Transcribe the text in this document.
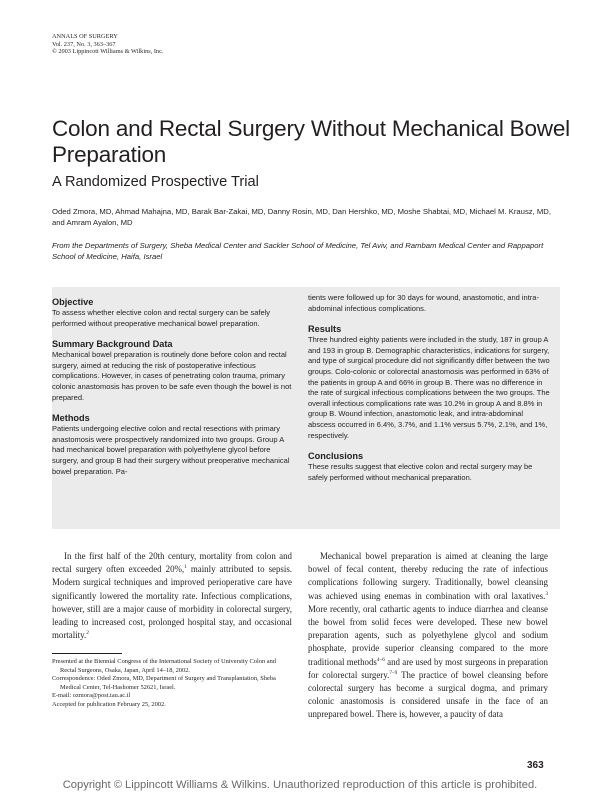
ANNALS OF SURGERY
Vol. 237, No. 3, 363–367
© 2003 Lippincott Williams & Wilkins, Inc.
Colon and Rectal Surgery Without Mechanical Bowel Preparation
A Randomized Prospective Trial
Oded Zmora, MD, Ahmad Mahajna, MD, Barak Bar-Zakai, MD, Danny Rosin, MD, Dan Hershko, MD, Moshe Shabtai, MD, Michael M. Krausz, MD, and Amram Ayalon, MD
From the Departments of Surgery, Sheba Medical Center and Sackler School of Medicine, Tel Aviv, and Rambam Medical Center and Rappaport School of Medicine, Haifa, Israel
Objective

To assess whether elective colon and rectal surgery can be safely performed without preoperative mechanical bowel preparation.

Summary Background Data

Mechanical bowel preparation is routinely done before colon and rectal surgery, aimed at reducing the risk of postoperative infectious complications. However, in cases of penetrating colon trauma, primary colonic anastomosis has proven to be safe even though the bowel is not prepared.

Methods

Patients undergoing elective colon and rectal resections with primary anastomosis were prospectively randomized into two groups. Group A had mechanical bowel preparation with polyethylene glycol before surgery, and group B had their surgery without preoperative mechanical bowel preparation. Pa-

tients were followed up for 30 days for wound, anastomotic, and intra-abdominal infectious complications.

Results

Three hundred eighty patients were included in the study, 187 in group A and 193 in group B. Demographic characteristics, indications for surgery, and type of surgical procedure did not significantly differ between the two groups. Colo-colonic or colorectal anastomosis was performed in 63% of the patients in group A and 66% in group B. There was no difference in the rate of surgical infectious complications between the two groups. The overall infectious complications rate was 10.2% in group A and 8.8% in group B. Wound infection, anastomotic leak, and intra-abdominal abscess occurred in 6.4%, 3.7%, and 1.1% versus 5.7%, 2.1%, and 1%, respectively.

Conclusions

These results suggest that elective colon and rectal surgery may be safely performed without mechanical preparation.

In the first half of the 20th century, mortality from colon and rectal surgery often exceeded 20%,$^1$ mainly attributed to sepsis. Modern surgical techniques and improved perioperative care have significantly lowered the mortality rate. Infectious complications, however, still are a major cause of morbidity in colorectal surgery, leading to increased cost, prolonged hospital stay, and occasional mortality.$^2$

Presented at the Biennial Congress of the International Society of University Colon and Rectal Surgeons, Osaka, Japan, April 14–18, 2002.

Correspondence: Oded Zmora, MD, Department of Surgery and Transplantation, Sheba Medical Center, Tel-Hashomer 52621, Israel.

E-mail: ozmora@post.tau.ac.il

Accepted for publication February 25, 2002.

Mechanical bowel preparation is aimed at cleaning the large bowel of fecal content, thereby reducing the rate of infectious complications following surgery. Traditionally, bowel cleansing was achieved using enemas in combination with oral laxatives.$^3$ More recently, oral cathartic agents to induce diarrhea and cleanse the bowel from solid feces were developed. These new bowel preparation agents, such as polyethylene glycol and sodium phosphate, provide superior cleansing compared to the more traditional methods$^{4-6}$ and are used by most surgeons in preparation for colorectal surgery.$^{7-9}$ The practice of bowel cleansing before colorectal surgery has become a surgical dogma, and primary colonic anastomosis is considered unsafe in the face of an unprepared bowel. There is, however, a paucity of data

363
Copyright © Lippincott Williams & Wilkins. Unauthorized reproduction of this article is prohibited.
